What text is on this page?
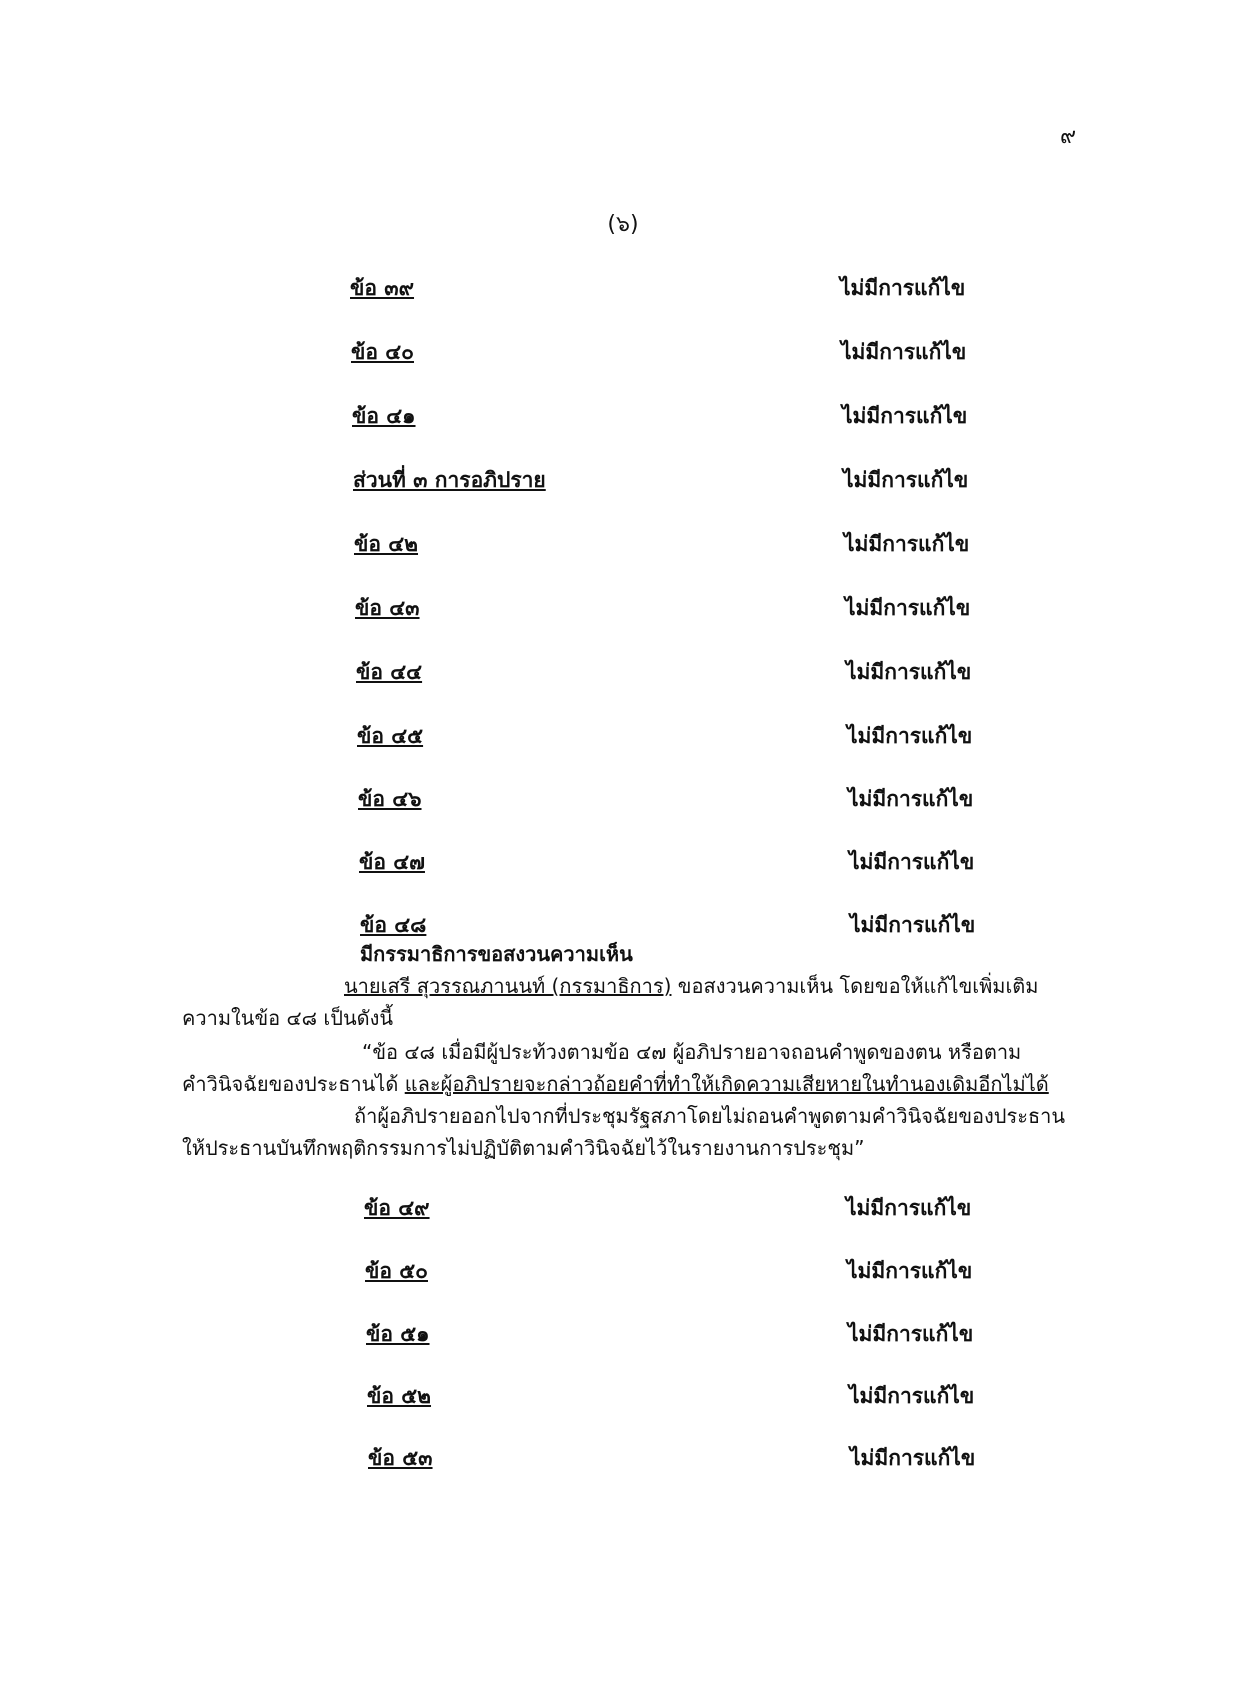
๙
(๖)
ข้อ ๓๙	ไม่มีการแก้ไข
ข้อ ๔๐	ไม่มีการแก้ไข
ข้อ ๔๑	ไม่มีการแก้ไข
ส่วนที่ ๓ การอภิปราย	ไม่มีการแก้ไข
ข้อ ๔๒	ไม่มีการแก้ไข
ข้อ ๔๓	ไม่มีการแก้ไข
ข้อ ๔๔	ไม่มีการแก้ไข
ข้อ ๔๕	ไม่มีการแก้ไข
ข้อ ๔๖	ไม่มีการแก้ไข
ข้อ ๔๗	ไม่มีการแก้ไข
ข้อ ๔๘	ไม่มีการแก้ไข
มีกรรมาธิการขอสงวนความเห็น
นายเสรี สุวรรณภานนท์ (กรรมาธิการ) ขอสงวนความเห็น โดยขอให้แก้ไขเพิ่มเติม
ความในข้อ ๔๘ เป็นดังนี้
“ข้อ ๔๘ เมื่อมีผู้ประท้วงตามข้อ ๔๗ ผู้อภิปรายอาจถอนคำพูดของตน หรือตาม
คำวินิจฉัยของประธานได้ และผู้อภิปรายจะกล่าวถ้อยคำที่ทำให้เกิดความเสียหายในทำนองเดิมอีกไม่ได้
ถ้าผู้อภิปรายออกไปจากที่ประชุมรัฐสภาโดยไม่ถอนคำพูดตามคำวินิจฉัยของประธาน
ให้ประธานบันทึกพฤติกรรมการไม่ปฏิบัติตามคำวินิจฉัยไว้ในรายงานการประชุม”
ข้อ ๔๙	ไม่มีการแก้ไข
ข้อ ๕๐	ไม่มีการแก้ไข
ข้อ ๕๑	ไม่มีการแก้ไข
ข้อ ๕๒	ไม่มีการแก้ไข
ข้อ ๕๓	ไม่มีการแก้ไข
